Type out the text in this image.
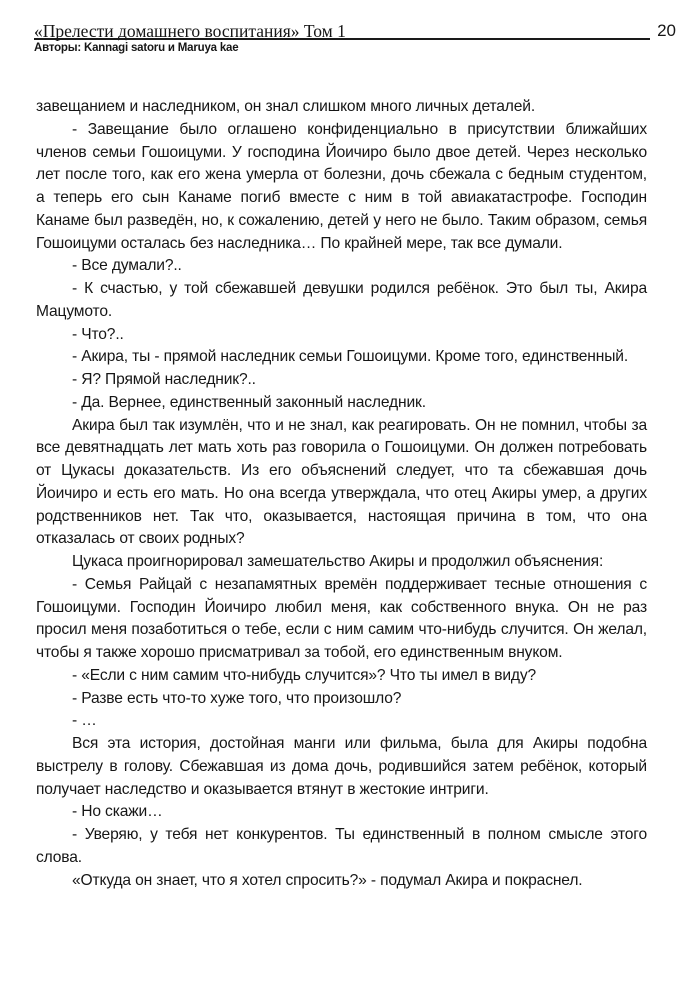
«Прелести домашнего воспитания» Том 1
Авторы: Kannagi satoru и Maruya kae
20

завещанием и наследником, он знал слишком много личных деталей.

- Завещание было оглашено конфиденциально в присутствии ближайших членов семьи Гошоицуми. У господина Йоичиро было двое детей. Через несколько лет после того, как его жена умерла от болезни, дочь сбежала с бедным студентом, а теперь его сын Канаме погиб вместе с ним в той авиакатастрофе. Господин Канаме был разведён, но, к сожалению, детей у него не было. Таким образом, семья Гошоицуми осталась без наследника… По крайней мере, так все думали.

- Все думали?..

- К счастью, у той сбежавшей девушки родился ребёнок. Это был ты, Акира Мацумото.

- Что?..

- Акира, ты - прямой наследник семьи Гошоицуми. Кроме того, единственный.

- Я? Прямой наследник?..

- Да. Вернее, единственный законный наследник.

Акира был так изумлён, что и не знал, как реагировать. Он не помнил, чтобы за все девятнадцать лет мать хоть раз говорила о Гошоицуми. Он должен потребовать от Цукасы доказательств. Из его объяснений следует, что та сбежавшая дочь Йоичиро и есть его мать. Но она всегда утверждала, что отец Акиры умер, а других родственников нет. Так что, оказывается, настоящая причина в том, что она отказалась от своих родных?

Цукаса проигнорировал замешательство Акиры и продолжил объяснения:

- Семья Райцай с незапамятных времён поддерживает тесные отношения с Гошоицуми. Господин Йоичиро любил меня, как собственного внука. Он не раз просил меня позаботиться о тебе, если с ним самим что-нибудь случится. Он желал, чтобы я также хорошо присматривал за тобой, его единственным внуком.

- «Если с ним самим что-нибудь случится»? Что ты имел в виду?

- Разве есть что-то хуже того, что произошло?

- …

Вся эта история, достойная манги или фильма, была для Акиры подобна выстрелу в голову. Сбежавшая из дома дочь, родившийся затем ребёнок, который получает наследство и оказывается втянут в жестокие интриги.

- Но скажи…

- Уверяю, у тебя нет конкурентов. Ты единственный в полном смысле этого слова.

«Откуда он знает, что я хотел спросить?» - подумал Акира и покраснел.
